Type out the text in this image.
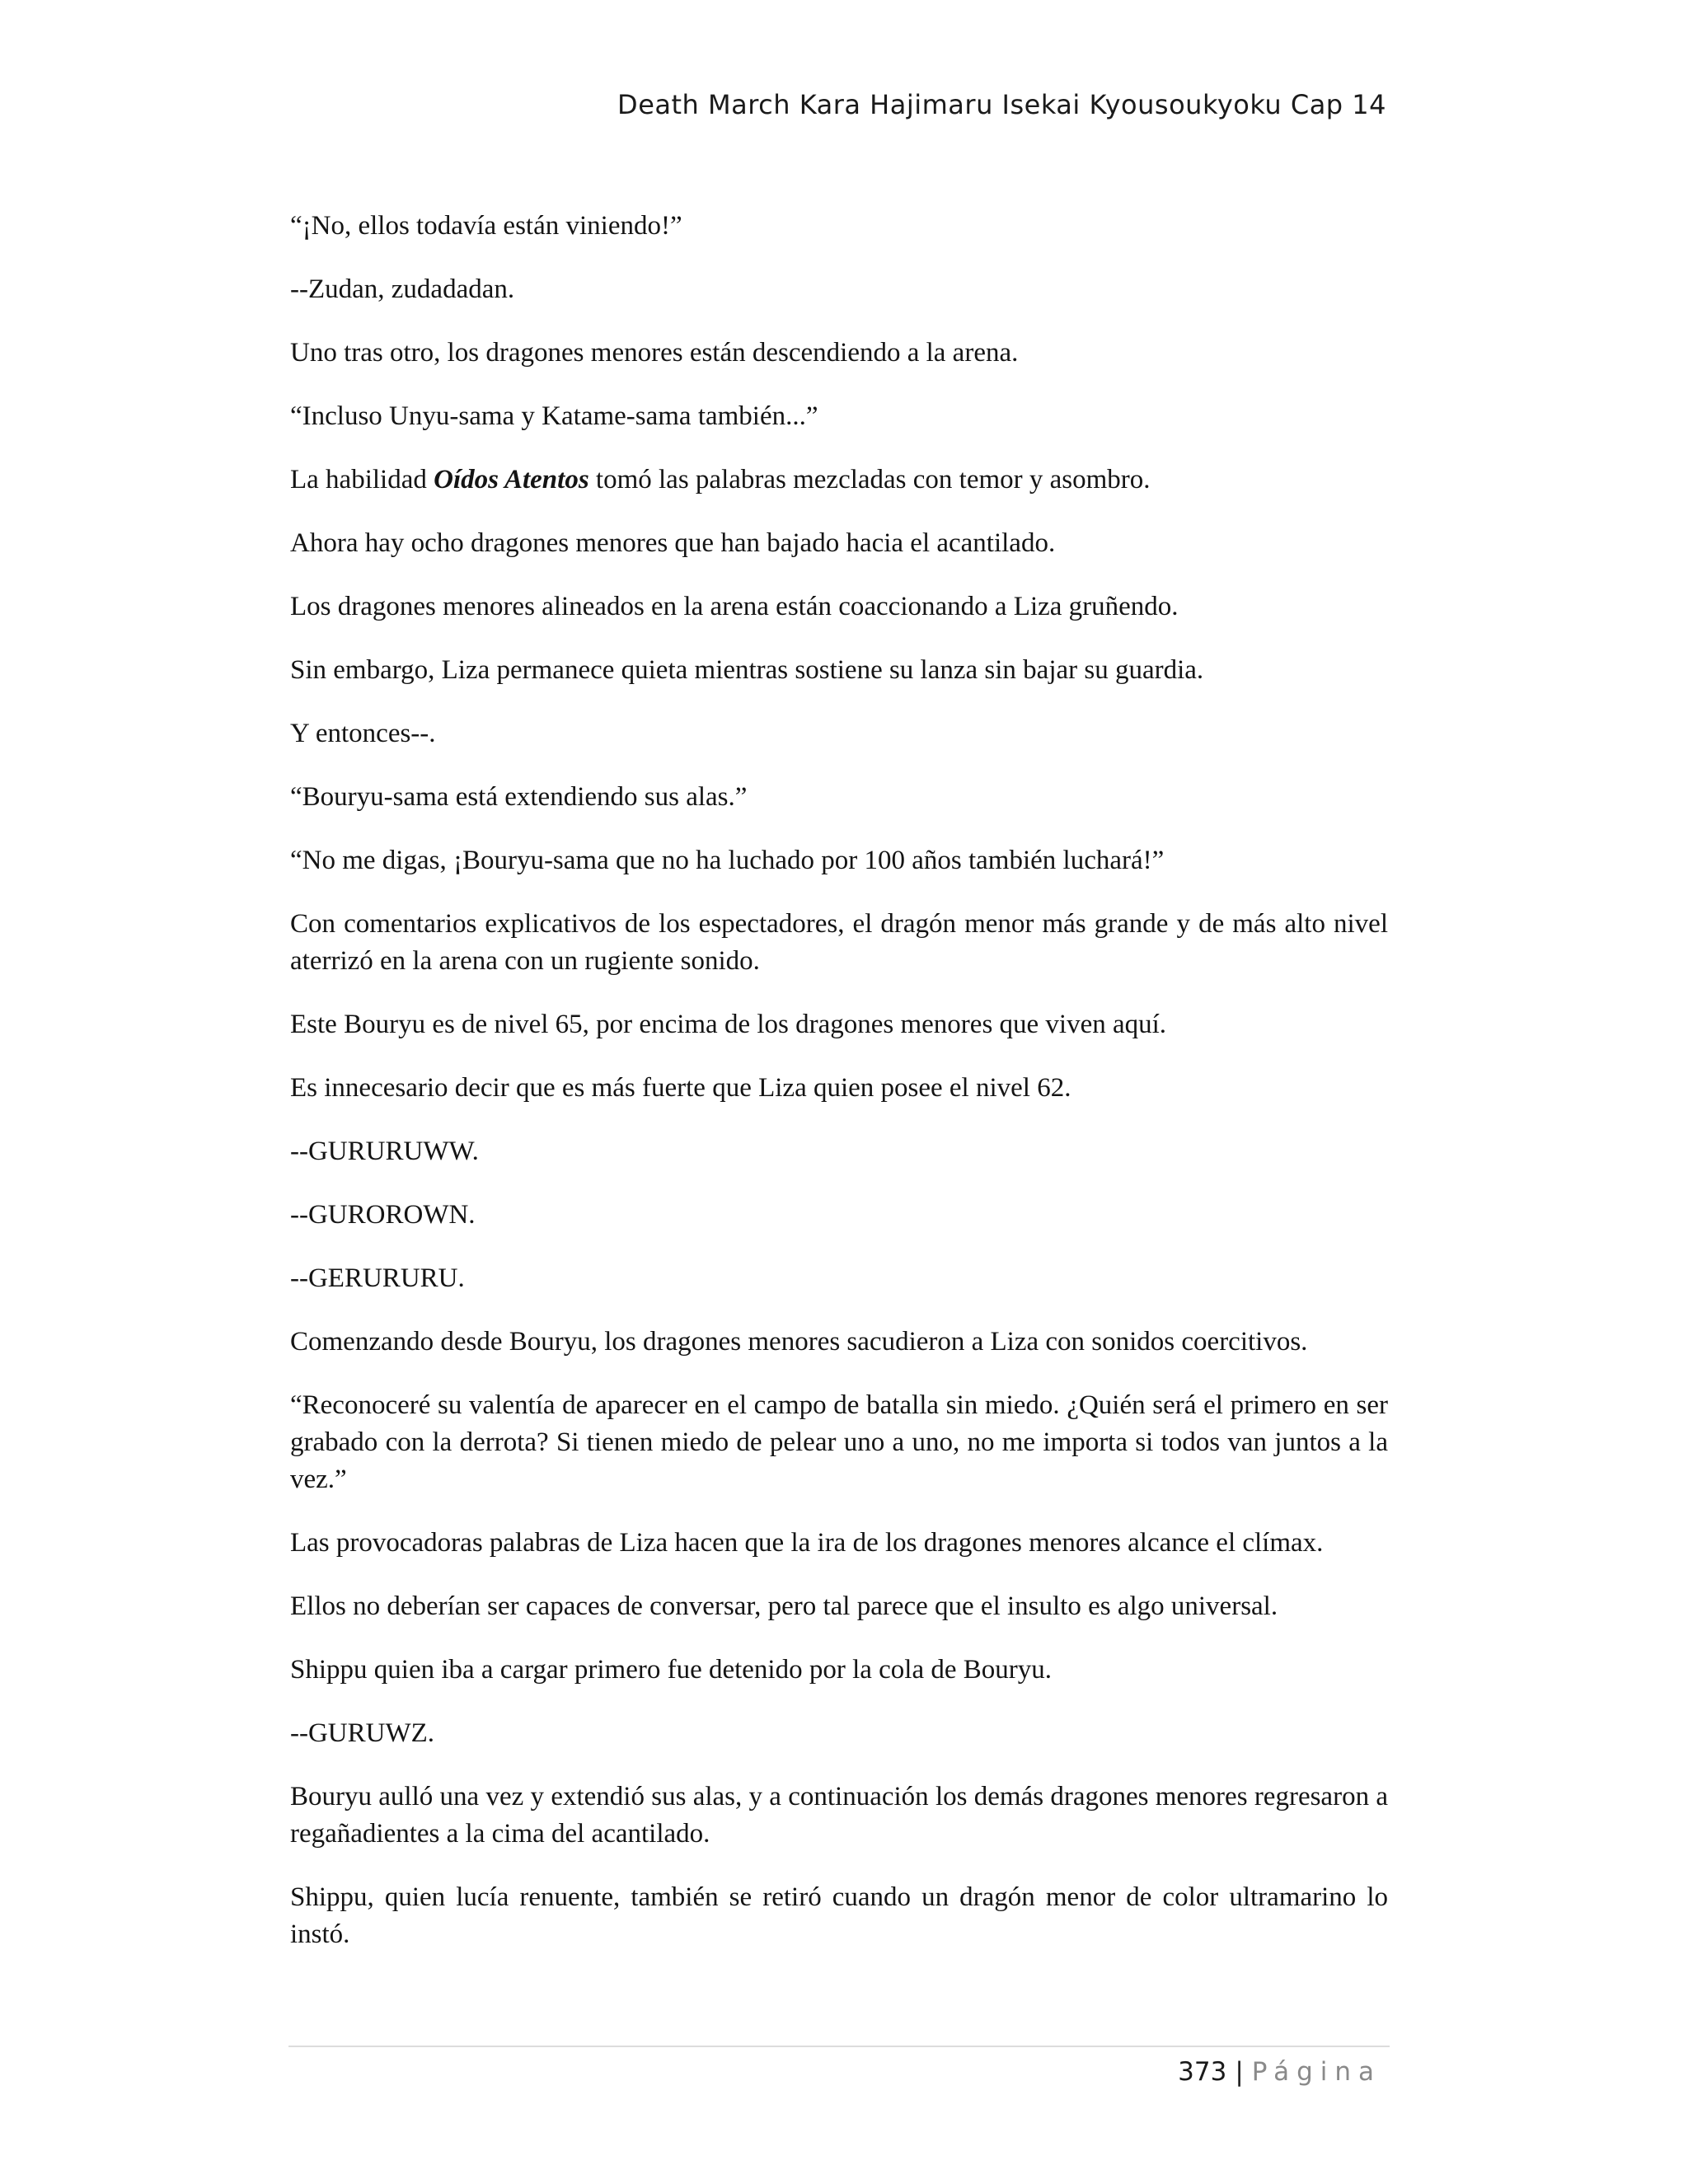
Death March Kara Hajimaru Isekai Kyousoukyoku Cap 14

“¡No, ellos todavía están viniendo!”

--Zudan, zudadadan.

Uno tras otro, los dragones menores están descendiendo a la arena.

“Incluso Unyu-sama y Katame-sama también...”

La habilidad Oídos Atentos tomó las palabras mezcladas con temor y asombro.

Ahora hay ocho dragones menores que han bajado hacia el acantilado.

Los dragones menores alineados en la arena están coaccionando a Liza gruñendo.

Sin embargo, Liza permanece quieta mientras sostiene su lanza sin bajar su guardia.

Y entonces--.

“Bouryu-sama está extendiendo sus alas.”

“No me digas, ¡Bouryu-sama que no ha luchado por 100 años también luchará!”

Con comentarios explicativos de los espectadores, el dragón menor más grande y de más alto nivel aterrizó en la arena con un rugiente sonido.

Este Bouryu es de nivel 65, por encima de los dragones menores que viven aquí.

Es innecesario decir que es más fuerte que Liza quien posee el nivel 62.

--GURURUWW.

--GUROROWN.

--GERURURU.

Comenzando desde Bouryu, los dragones menores sacudieron a Liza con sonidos coercitivos.

“Reconoceré su valentía de aparecer en el campo de batalla sin miedo. ¿Quién será el primero en ser grabado con la derrota? Si tienen miedo de pelear uno a uno, no me importa si todos van juntos a la vez.”

Las provocadoras palabras de Liza hacen que la ira de los dragones menores alcance el clímax.

Ellos no deberían ser capaces de conversar, pero tal parece que el insulto es algo universal.

Shippu quien iba a cargar primero fue detenido por la cola de Bouryu.

--GURUWZ.

Bouryu aulló una vez y extendió sus alas, y a continuación los demás dragones menores regresaron a regañadientes a la cima del acantilado.

Shippu, quien lucía renuente, también se retiró cuando un dragón menor de color ultramarino lo instó.

373 | Página
